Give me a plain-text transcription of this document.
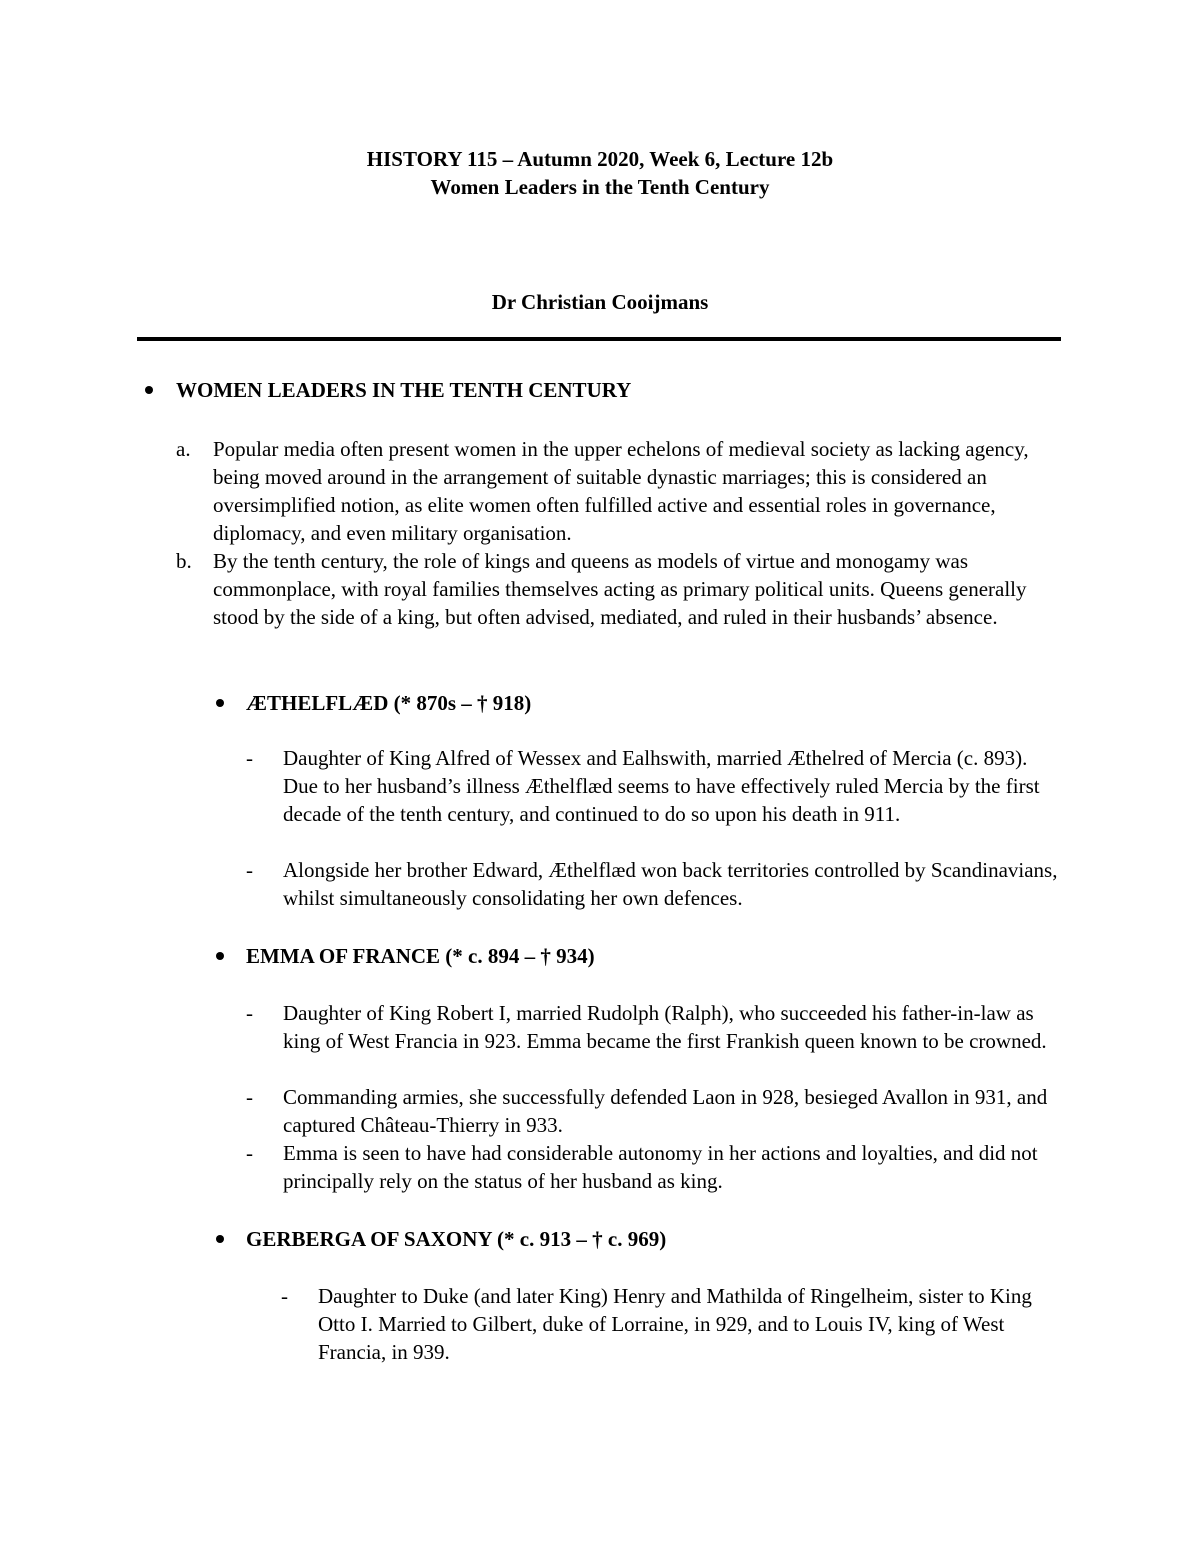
HISTORY 115 – Autumn 2020, Week 6, Lecture 12b
Women Leaders in the Tenth Century
Dr Christian Cooijmans
WOMEN LEADERS IN THE TENTH CENTURY
a. Popular media often present women in the upper echelons of medieval society as lacking agency, being moved around in the arrangement of suitable dynastic marriages; this is considered an oversimplified notion, as elite women often fulfilled active and essential roles in governance, diplomacy, and even military organisation.
b. By the tenth century, the role of kings and queens as models of virtue and monogamy was commonplace, with royal families themselves acting as primary political units. Queens generally stood by the side of a king, but often advised, mediated, and ruled in their husbands’ absence.
ÆTHELFLÆD (* 870s – † 918)
- Daughter of King Alfred of Wessex and Ealhswith, married Æthelred of Mercia (c. 893). Due to her husband’s illness Æthelflæd seems to have effectively ruled Mercia by the first decade of the tenth century, and continued to do so upon his death in 911.
- Alongside her brother Edward, Æthelflæd won back territories controlled by Scandinavians, whilst simultaneously consolidating her own defences.
EMMA OF FRANCE (* c. 894 – † 934)
- Daughter of King Robert I, married Rudolph (Ralph), who succeeded his father-in-law as king of West Francia in 923. Emma became the first Frankish queen known to be crowned.
- Commanding armies, she successfully defended Laon in 928, besieged Avallon in 931, and captured Château-Thierry in 933.
- Emma is seen to have had considerable autonomy in her actions and loyalties, and did not principally rely on the status of her husband as king.
GERBERGA OF SAXONY (* c. 913 – † c. 969)
- Daughter to Duke (and later King) Henry and Mathilda of Ringelheim, sister to King Otto I. Married to Gilbert, duke of Lorraine, in 929, and to Louis IV, king of West Francia, in 939.
